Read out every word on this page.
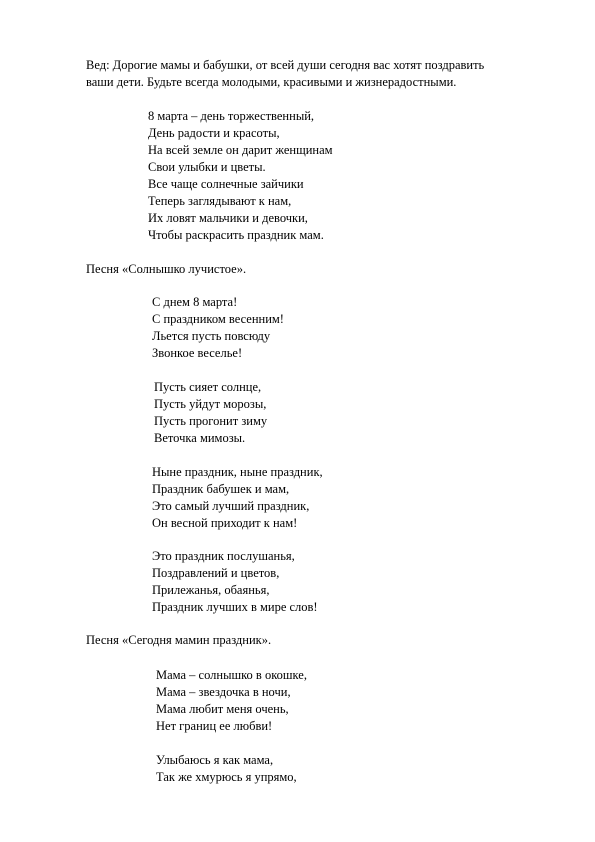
Вед: Дорогие мамы и бабушки, от всей души сегодня вас хотят поздравить

ваши дети. Будьте всегда молодыми, красивыми и жизнерадостными.

8 марта – день торжественный,

День радости и красоты,

На всей земле он дарит женщинам

Свои улыбки и цветы.

Все чаще солнечные зайчики

Теперь заглядывают к нам,

Их ловят мальчики и девочки,

Чтобы раскрасить праздник мам.

Песня «Солнышко лучистое».

С днем 8 марта!

С праздником весенним!

Льется пусть повсюду

Звонкое веселье!

Пусть сияет солнце,

Пусть уйдут морозы,

Пусть прогонит зиму

Веточка мимозы.

Ныне праздник, ныне праздник,

Праздник бабушек и мам,

Это самый лучший праздник,

Он весной приходит к нам!

Это праздник послушанья,

Поздравлений и цветов,

Прилежанья, обаянья,

Праздник лучших в мире слов!

Песня «Сегодня мамин праздник».

Мама – солнышко в окошке,

Мама – звездочка в ночи,

Мама любит меня очень,

Нет границ ее любви!

Улыбаюсь я как мама,

Так же хмурюсь я упрямо,
